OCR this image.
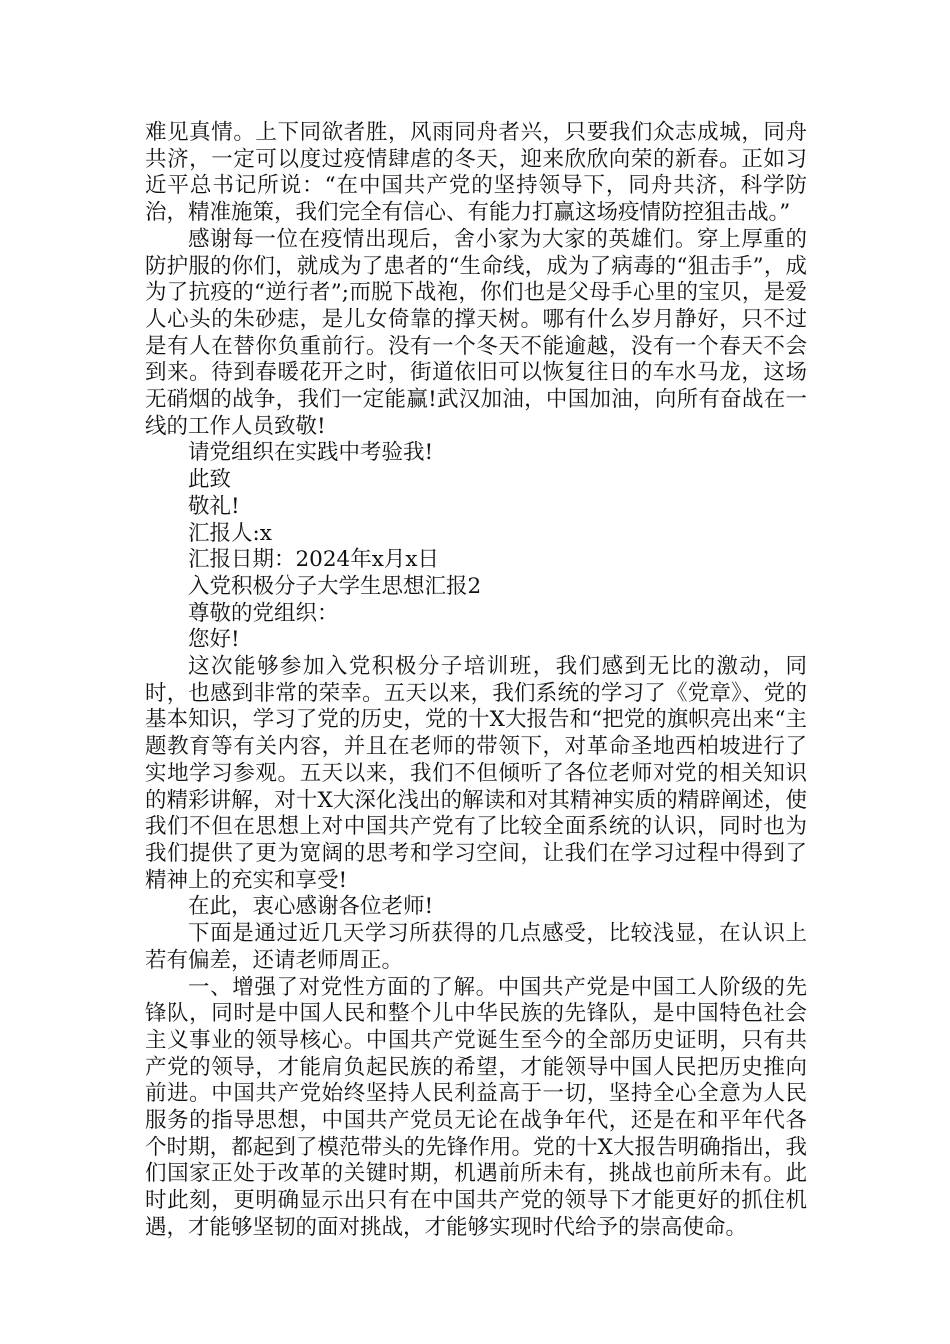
难见真情。上下同欲者胜，风雨同舟者兴，只要我们众志成城，同舟共济，一定可以度过疫情肆虐的冬天，迎来欣欣向荣的新春。正如习近平总书记所说：“在中国共产党的坚持领导下，同舟共济，科学防治，精准施策，我们完全有信心、有能力打赢这场疫情防控狙击战。”

感谢每一位在疫情出现后，舍小家为大家的英雄们。穿上厚重的防护服的你们，就成为了患者的“生命线，成为了病毒的“狙击手”，成为了抗疫的“逆行者”;而脱下战袍，你们也是父母手心里的宝贝，是爱人心头的朱砂痣，是儿女倚靠的撑天树。哪有什么岁月静好，只不过是有人在替你负重前行。没有一个冬天不能逾越，没有一个春天不会到来。待到春暖花开之时，街道依旧可以恢复往日的车水马龙，这场无硝烟的战争，我们一定能赢!武汉加油，中国加油，向所有奋战在一线的工作人员致敬!

请党组织在实践中考验我!

此致

敬礼!

汇报人:x

汇报日期：2024年x月x日

入党积极分子大学生思想汇报2

尊敬的党组织：

您好!

这次能够参加入党积极分子培训班，我们感到无比的激动，同时，也感到非常的荣幸。五天以来，我们系统的学习了《党章》、党的基本知识，学习了党的历史，党的十X大报告和“把党的旗帜亮出来“主题教育等有关内容，并且在老师的带领下，对革命圣地西柏坡进行了实地学习参观。五天以来，我们不但倾听了各位老师对党的相关知识的精彩讲解，对十X大深化浅出的解读和对其精神实质的精辟阐述，使我们不但在思想上对中国共产党有了比较全面系统的认识，同时也为我们提供了更为宽阔的思考和学习空间，让我们在学习过程中得到了精神上的充实和享受!

在此，衷心感谢各位老师!

下面是通过近几天学习所获得的几点感受，比较浅显，在认识上若有偏差，还请老师周正。

一、增强了对党性方面的了解。中国共产党是中国工人阶级的先锋队，同时是中国人民和整个儿中华民族的先锋队，是中国特色社会主义事业的领导核心。中国共产党诞生至今的全部历史证明，只有共产党的领导，才能肩负起民族的希望，才能领导中国人民把历史推向前进。中国共产党始终坚持人民利益高于一切，坚持全心全意为人民服务的指导思想，中国共产党员无论在战争年代，还是在和平年代各个时期，都起到了模范带头的先锋作用。党的十X大报告明确指出，我们国家正处于改革的关键时期，机遇前所未有，挑战也前所未有。此时此刻，更明确显示出只有在中国共产党的领导下才能更好的抓住机遇，才能够坚韧的面对挑战，才能够实现时代给予的崇高使命。
